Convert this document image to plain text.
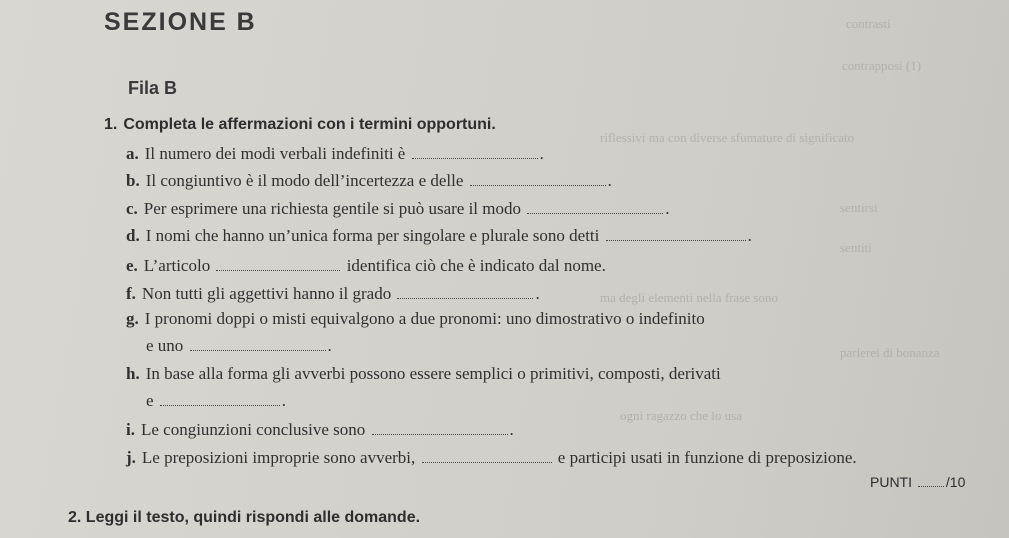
contrasti
contrapposi (1)
riflessivi ma con diverse sfumature di significato
sentirsi
sentiti
ma degli elementi nella frase sono
parlerei di bonanza
ogni ragazzo che lo usa
SEZIONE B
Fila B
1. Completa le affermazioni con i termini opportuni.
a. Il numero dei modi verbali indefiniti è	.
b. Il congiuntivo è il modo dell’incertezza e delle	.
c. Per esprimere una richiesta gentile si può usare il modo	.
d. I nomi che hanno un’unica forma per singolare e plurale sono detti	.
e. L’articolo	identifica ciò che è indicato dal nome.
f. Non tutti gli aggettivi hanno il grado	.
g. I pronomi doppi o misti equivalgono a due pronomi: uno dimostrativo o indefinito
e uno	.
h. In base alla forma gli avverbi possono essere semplici o primitivi, composti, derivati
e	.
i. Le congiunzioni conclusive sono	.
j. Le preposizioni improprie sono avverbi,	e participi usati in funzione di preposizione.
PUNTI /10
2. Leggi il testo, quindi rispondi alle domande.
